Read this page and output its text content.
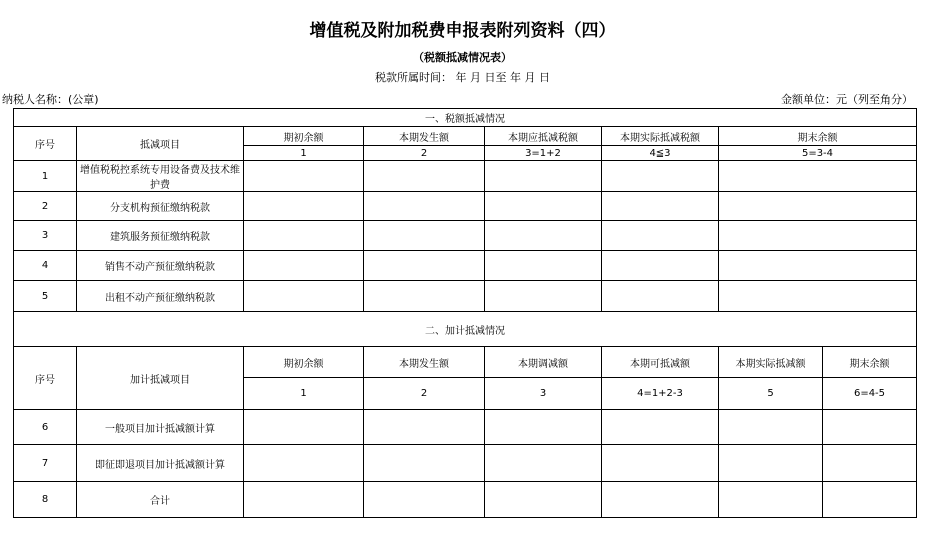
增值税及附加税费申报表附列资料（四）
（税额抵减情况表）
税款所属时间： 年 月 日至 年 月 日
纳税人名称：(公章)	金额单位：元（列至角分）
一、税额抵减情况							
序号	抵减项目	期初余额	本期发生额	本期应抵减税额	本期实际抵减税额	期末余额	
		1	2	3=1+2	4≦3	5=3-4	
1	增值税税控系统专用设备费及技术维护费						
2	分支机构预征缴纳税款						
3	建筑服务预征缴纳税款						
4	销售不动产预征缴纳税款						
5	出租不动产预征缴纳税款						
二、加计抵减情况							
序号	加计抵减项目	期初余额	本期发生额	本期调减额	本期可抵减额	本期实际抵减额	期末余额
		1	2	3	4=1+2-3	5	6=4-5
6	一般项目加计抵减额计算						
7	即征即退项目加计抵减额计算						
8	合计						
